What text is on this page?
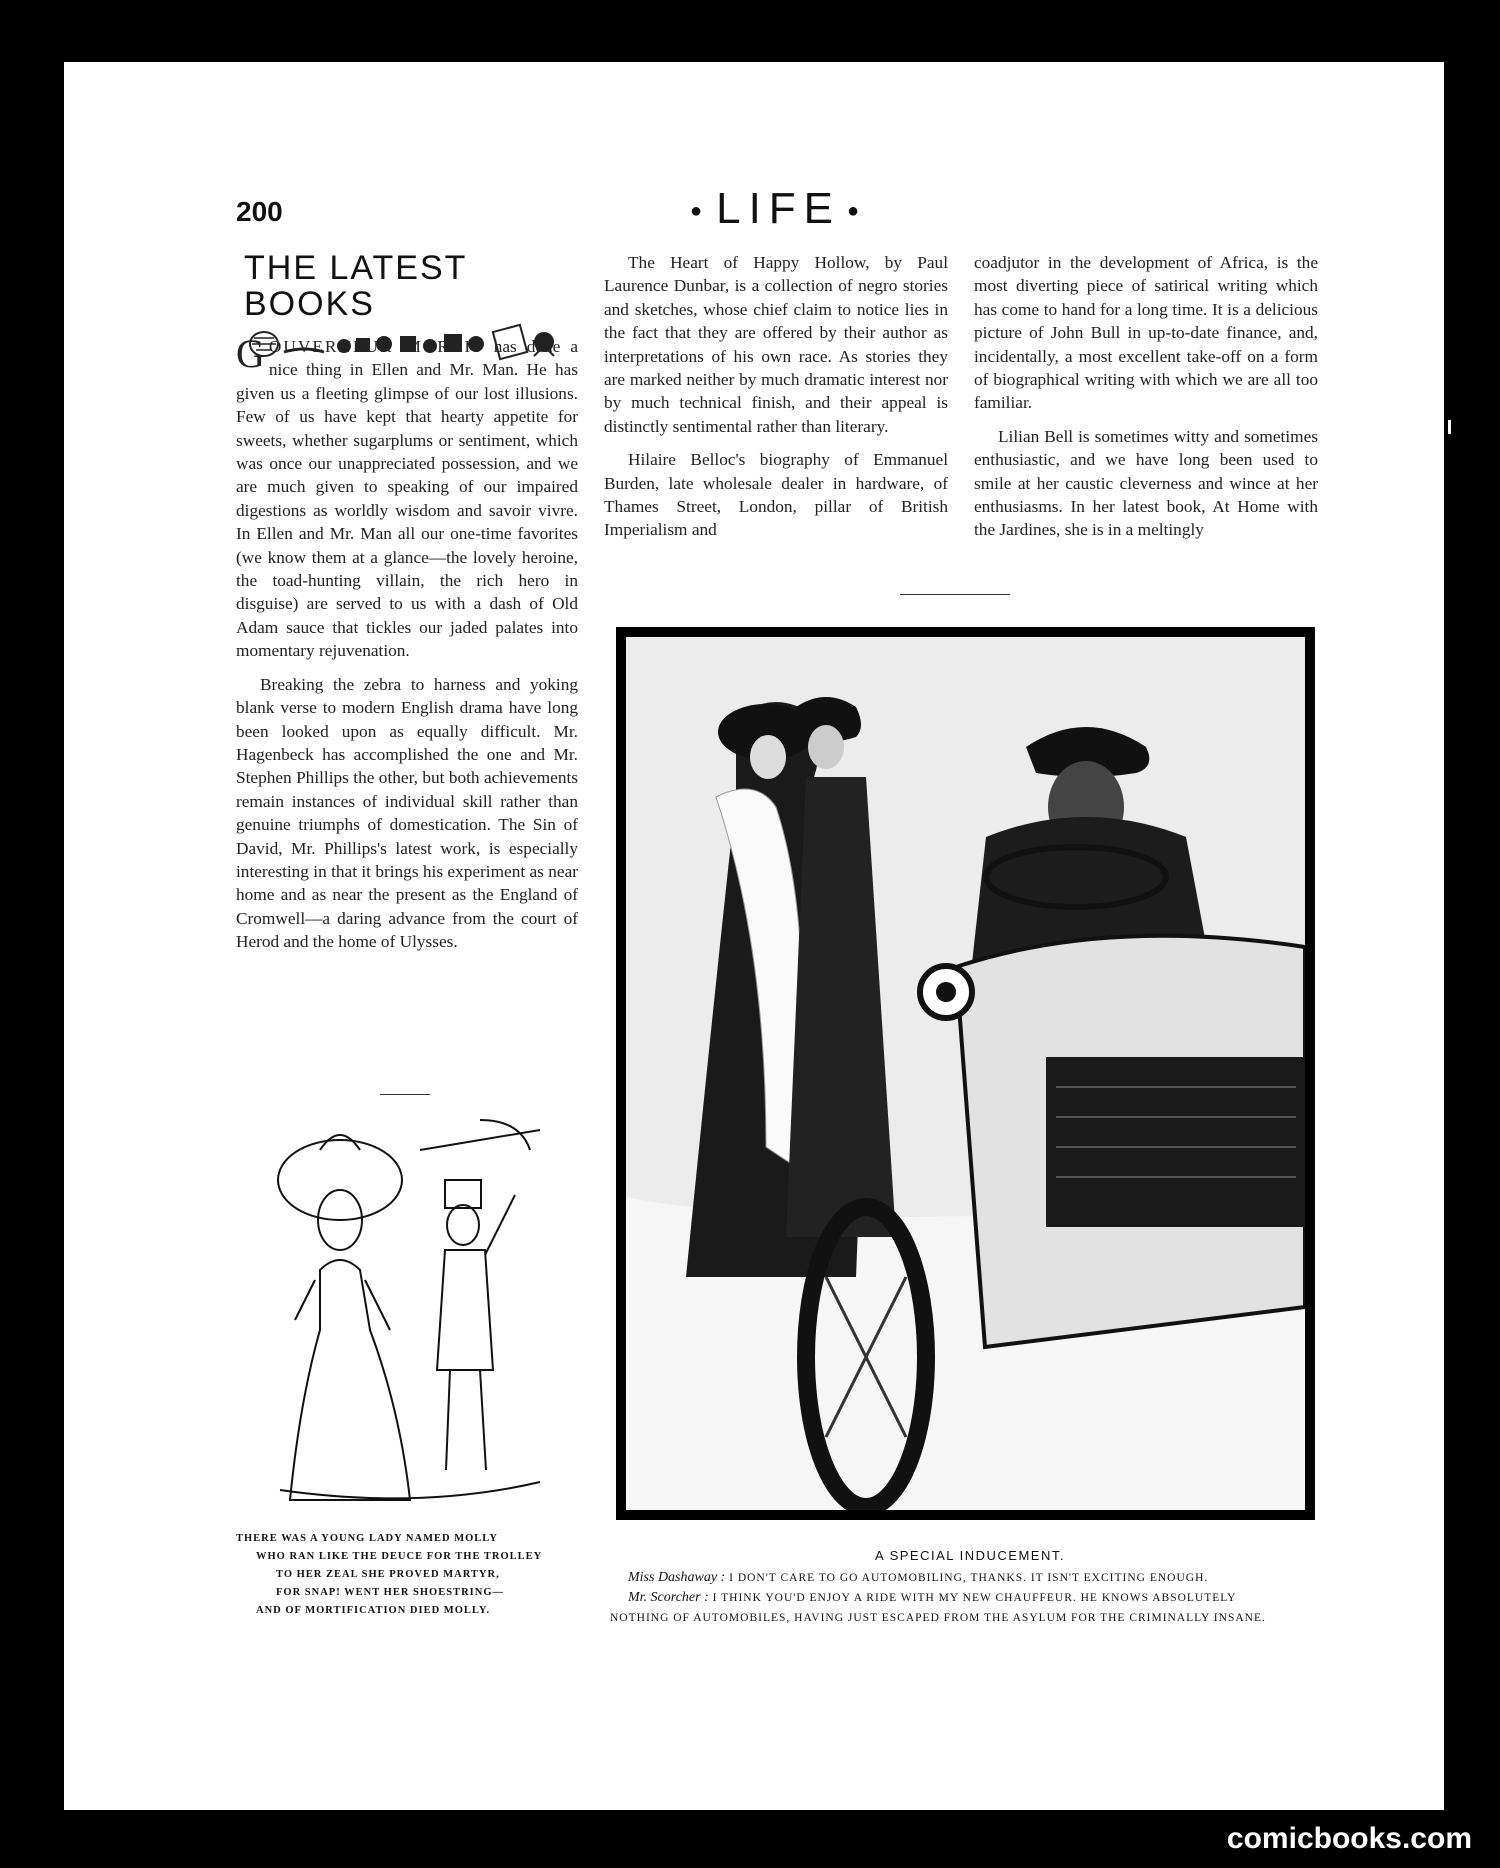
200	● LIFE ●
THE LATEST BOOKS

GOUVERNEUR MORRIS has done a nice thing in Ellen and Mr. Man. He has given us a fleeting glimpse of our lost illusions. Few of us have kept that hearty appetite for sweets, whether sugarplums or sentiment, which was once our unappreciated possession, and we are much given to speaking of our impaired digestions as worldly wisdom and savoir vivre. In Ellen and Mr. Man all our one-time favorites (we know them at a glance—the lovely heroine, the toad-hunting villain, the rich hero in disguise) are served to us with a dash of Old Adam sauce that tickles our jaded palates into momentary rejuvenation.

Breaking the zebra to harness and yoking blank verse to modern English drama have long been looked upon as equally difficult. Mr. Hagenbeck has accomplished the one and Mr. Stephen Phillips the other, but both achievements remain instances of individual skill rather than genuine triumphs of domestication. The Sin of David, Mr. Phillips's latest work, is especially interesting in that it brings his experiment as near home and as near the present as the England of Cromwell—a daring advance from the court of Herod and the home of Ulysses.

The Heart of Happy Hollow, by Paul Laurence Dunbar, is a collection of negro stories and sketches, whose chief claim to notice lies in the fact that they are offered by their author as interpretations of his own race. As stories they are marked neither by much dramatic interest nor by much technical finish, and their appeal is distinctly sentimental rather than literary.

Hilaire Belloc's biography of Emmanuel Burden, late wholesale dealer in hardware, of Thames Street, London, pillar of British Imperialism and

coadjutor in the development of Africa, is the most diverting piece of satirical writing which has come to hand for a long time. It is a delicious picture of John Bull in up-to-date finance, and, incidentally, a most excellent take-off on a form of biographical writing with which we are all too familiar.

Lilian Bell is sometimes witty and sometimes enthusiastic, and we have long been used to smile at her caustic cleverness and wince at her enthusiasms. In her latest book, At Home with the Jardines, she is in a meltingly

A SPECIAL INDUCEMENT.
Miss Dashaway : I DON'T CARE TO GO AUTOMOBILING, THANKS. IT ISN'T EXCITING ENOUGH.
Mr. Scorcher : I THINK YOU'D ENJOY A RIDE WITH MY NEW CHAUFFEUR. HE KNOWS ABSOLUTELY
NOTHING OF AUTOMOBILES, HAVING JUST ESCAPED FROM THE ASYLUM FOR THE CRIMINALLY INSANE.
THERE WAS A YOUNG LADY NAMED MOLLY
WHO RAN LIKE THE DEUCE FOR THE TROLLEY
TO HER ZEAL SHE PROVED MARTYR,
FOR SNAP! WENT HER SHOESTRING—
AND OF MORTIFICATION DIED MOLLY.
comicbooks.com
